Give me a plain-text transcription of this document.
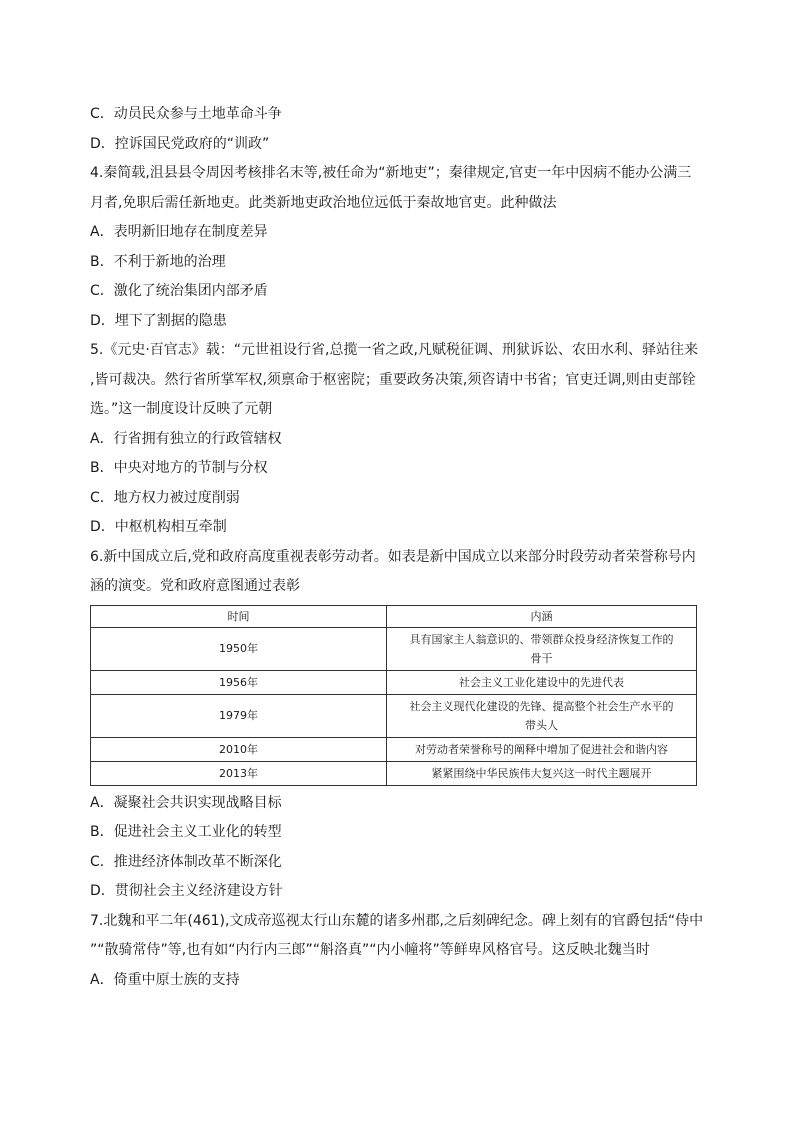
C．动员民众参与土地革命斗争
D．控诉国民党政府的“训政”
4.秦简载,沮县县令周因考核排名末等,被任命为“新地吏”；秦律规定,官吏一年中因病不能办公满三
月者,免职后需任新地吏。此类新地吏政治地位远低于秦故地官吏。此种做法
A．表明新旧地存在制度差异
B．不利于新地的治理
C．激化了统治集团内部矛盾
D．埋下了割据的隐患
5.《元史·百官志》载：“元世祖设行省,总揽一省之政,凡赋税征调、刑狱诉讼、农田水利、驿站往来
,皆可裁决。然行省所掌军权,须禀命于枢密院；重要政务决策,须咨请中书省；官吏迁调,则由吏部铨
选。”这一制度设计反映了元朝
A．行省拥有独立的行政管辖权
B．中央对地方的节制与分权
C．地方权力被过度削弱
D．中枢机构相互牵制
6.新中国成立后,党和政府高度重视表彰劳动者。如表是新中国成立以来部分时段劳动者荣誉称号内
涵的演变。党和政府意图通过表彰
时间	内涵
1950年	具有国家主人翁意识的、带领群众投身经济恢复工作的
骨干

1956年	社会主义工业化建设中的先进代表

1979年	社会主义现代化建设的先锋、提高整个社会生产水平的
带头人

2010年	对劳动者荣誉称号的阐释中增加了促进社会和谐内容

2013年	紧紧围绕中华民族伟大复兴这一时代主题展开
A．凝聚社会共识实现战略目标
B．促进社会主义工业化的转型
C．推进经济体制改革不断深化
D．贯彻社会主义经济建设方针
7.北魏和平二年(461),文成帝巡视太行山东麓的诸多州郡,之后刻碑纪念。碑上刻有的官爵包括“侍中
”“散骑常侍”等,也有如“内行内三郎”“斛洛真”“内小幢将”等鲜卑风格官号。这反映北魏当时
A．倚重中原士族的支持
